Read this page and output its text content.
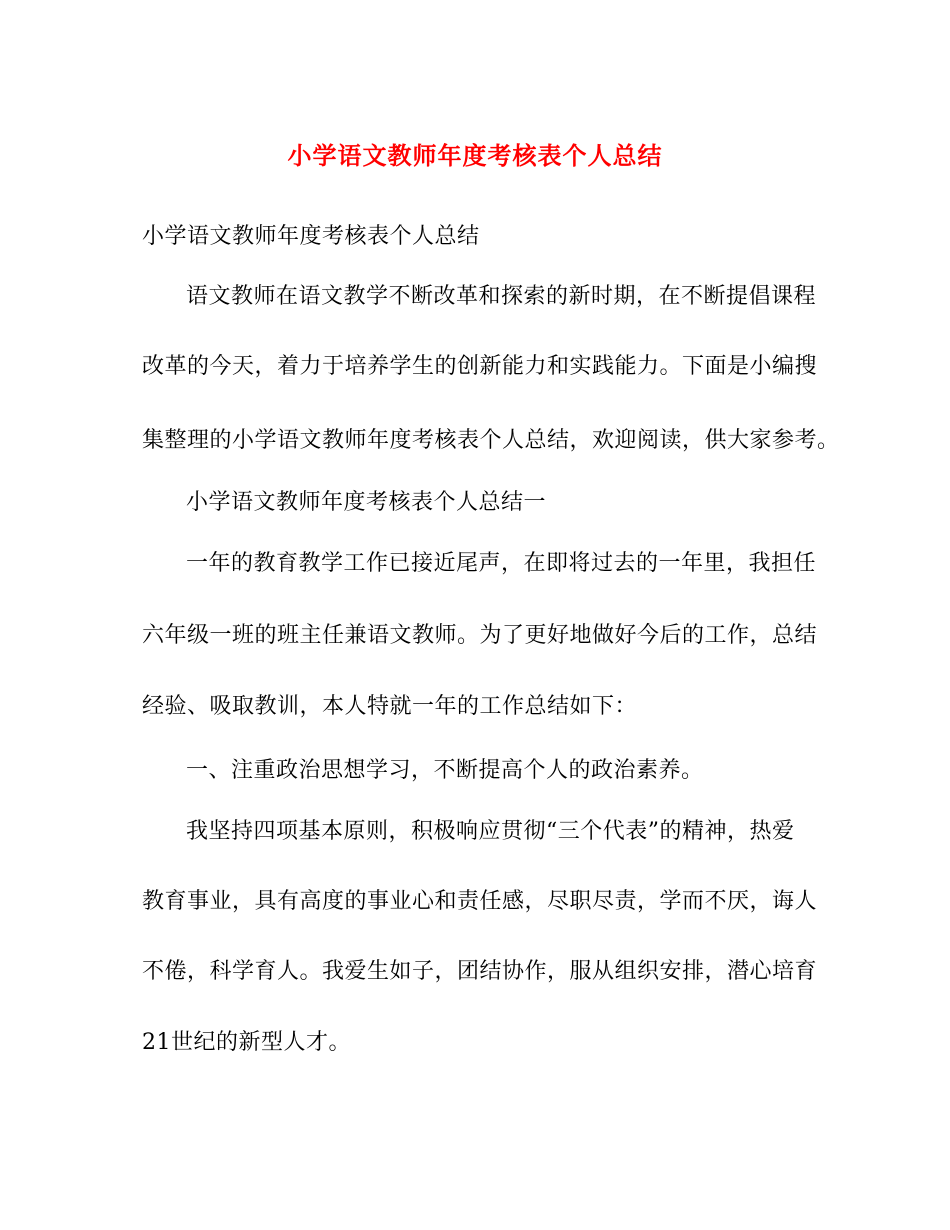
小学语文教师年度考核表个人总结
小学语文教师年度考核表个人总结
语文教师在语文教学不断改革和探索的新时期，在不断提倡课程
改革的今天，着力于培养学生的创新能力和实践能力。下面是小编搜
集整理的小学语文教师年度考核表个人总结，欢迎阅读，供大家参考。
小学语文教师年度考核表个人总结一
一年的教育教学工作已接近尾声，在即将过去的一年里，我担任
六年级一班的班主任兼语文教师。为了更好地做好今后的工作，总结
经验、吸取教训，本人特就一年的工作总结如下：
一、注重政治思想学习，不断提高个人的政治素养。
我坚持四项基本原则，积极响应贯彻“三个代表”的精神，热爱
教育事业，具有高度的事业心和责任感，尽职尽责，学而不厌，诲人
不倦，科学育人。我爱生如子，团结协作，服从组织安排，潜心培育
21世纪的新型人才。
